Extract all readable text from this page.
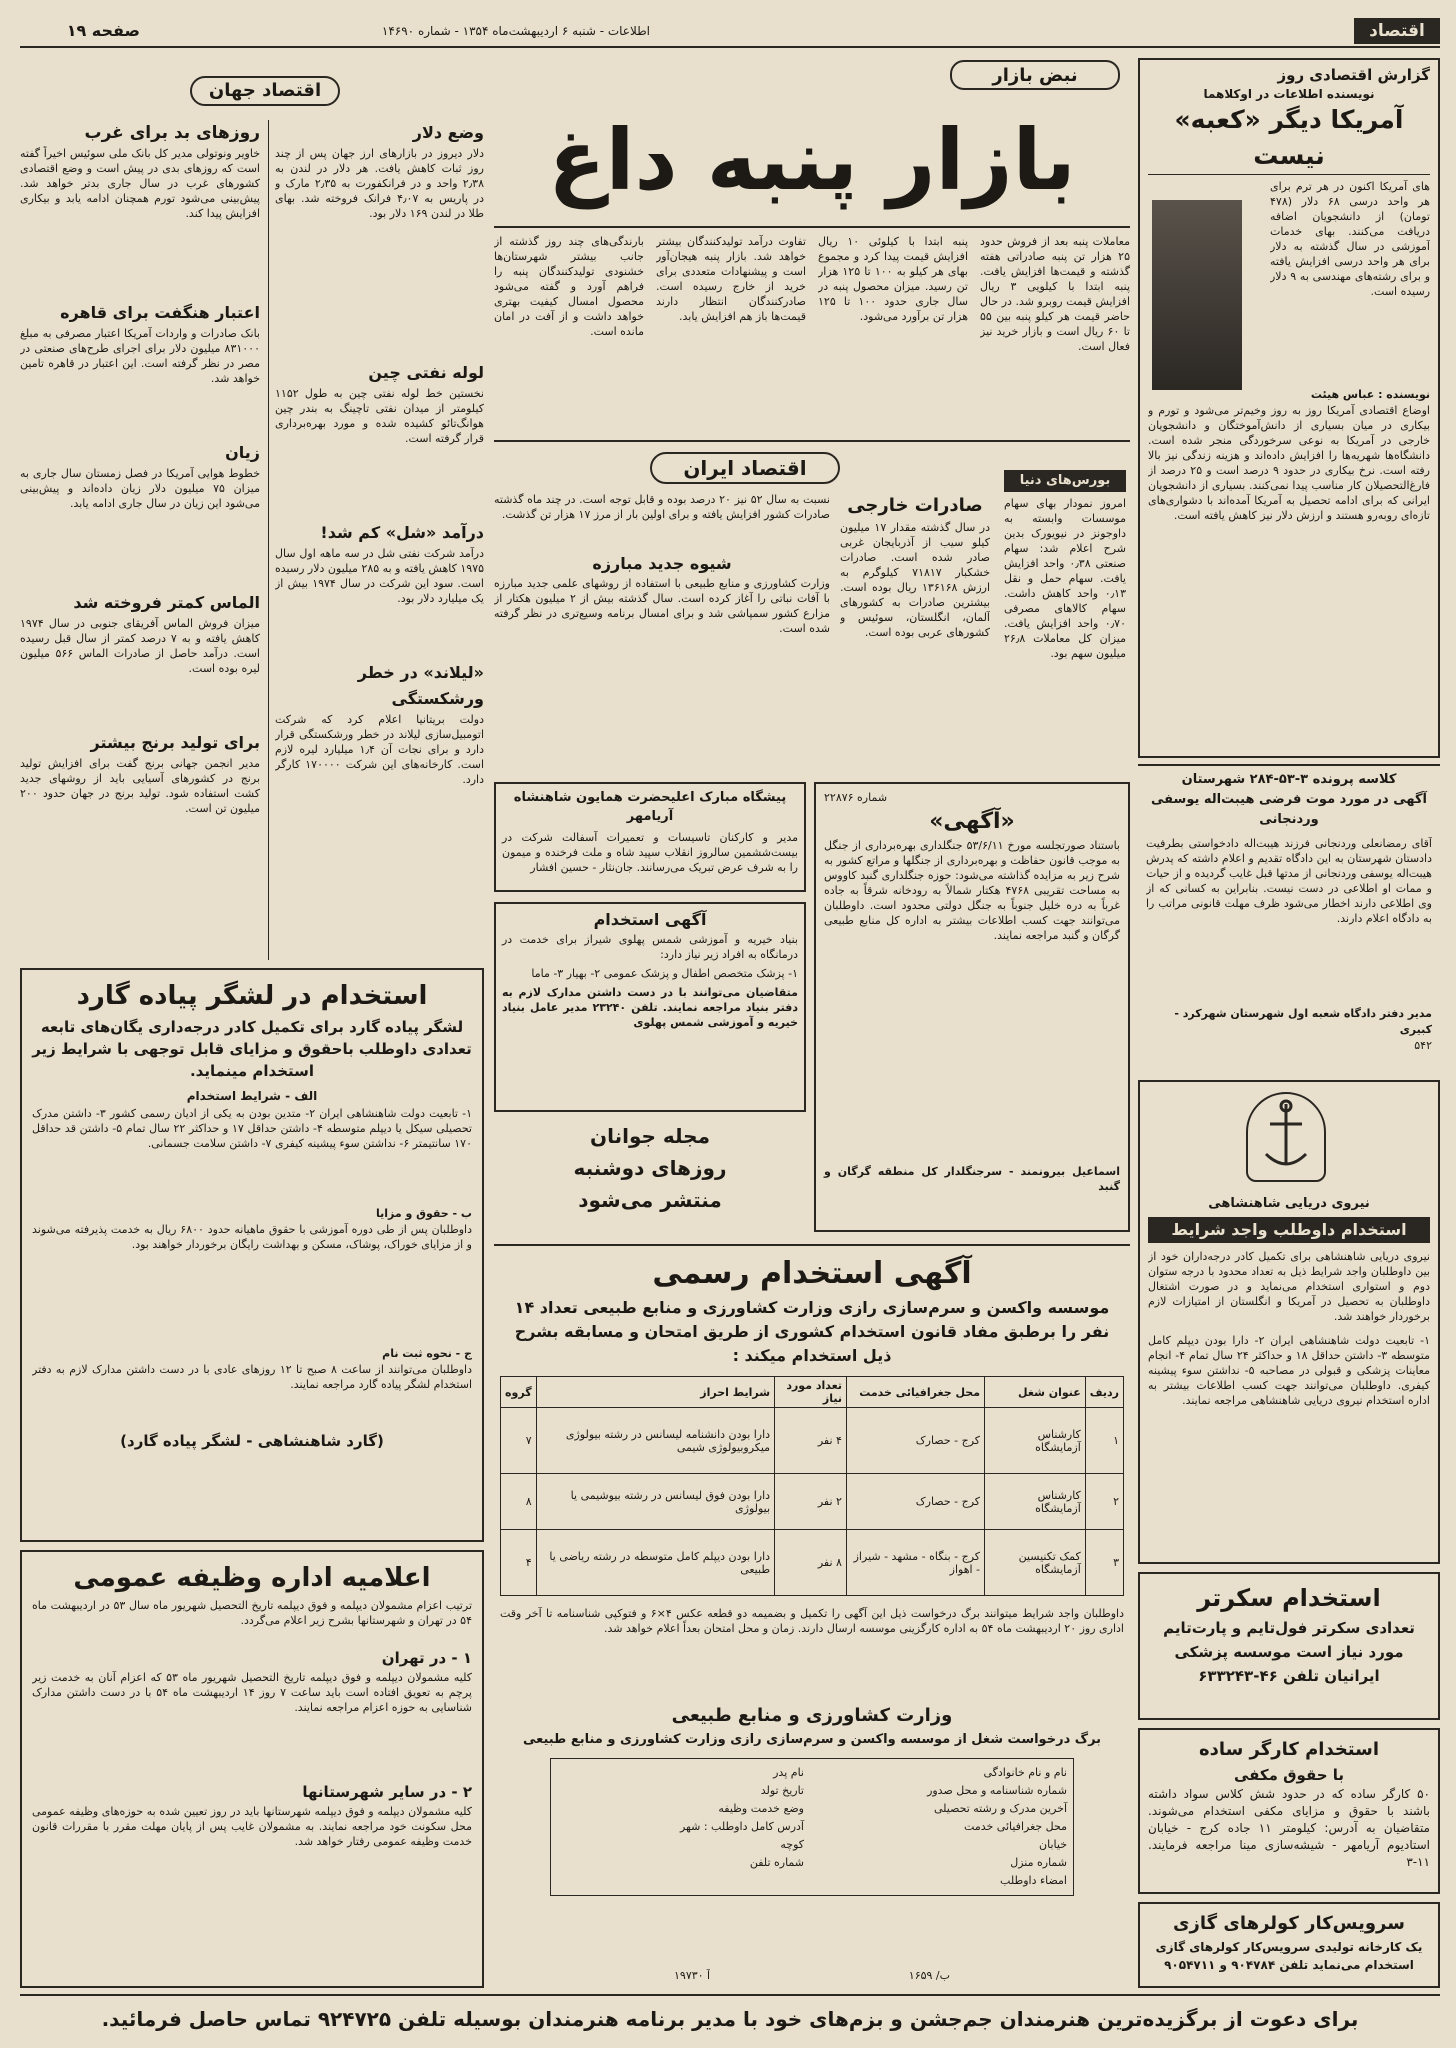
اقتصاد
صفحه ۱۹	اطلاعات - شنبه ۶ اردیبهشت‌ماه ۱۳۵۴ - شماره ۱۴۶۹۰
گزارش اقتصادی روز
نویسنده اطلاعات در اوکلاهما
آمریکا دیگر «کعبه» نیست
های آمریکا اکنون در هر ترم برای هر واحد درسی ۶۸ دلار (۴۷۸ تومان) از دانشجویان اضافه دریافت می‌کنند. بهای خدمات آموزشی در سال گذشته به دلار برای هر واحد درسی افزایش یافته و برای رشته‌های مهندسی به ۹ دلار رسیده است.
نویسنده : عباس هیئت
اوضاع اقتصادی آمریکا روز به روز وخیم‌تر می‌شود و تورم و بیکاری در میان بسیاری از دانش‌آموختگان و دانشجویان خارجی در آمریکا به نوعی سرخوردگی منجر شده است. دانشگاه‌ها شهریه‌ها را افزایش داده‌اند و هزینه زندگی نیز بالا رفته است. نرخ بیکاری در حدود ۹ درصد است و ۲۵ درصد از فارغ‌التحصیلان کار مناسب پیدا نمی‌کنند. بسیاری از دانشجویان ایرانی که برای ادامه تحصیل به آمریکا آمده‌اند با دشواری‌های تازه‌ای روبه‌رو هستند و ارزش دلار نیز کاهش یافته است.
کلاسه پرونده ۳-۵۳-۲۸۴ شهرستان
آگهی در مورد موت فرضی هیبت‌اله یوسفی وردنجانی
آقای رمضانعلی وردنجانی فرزند هیبت‌اله دادخواستی بطرفیت دادستان شهرستان به این دادگاه تقدیم و اعلام داشته که پدرش هیبت‌اله یوسفی وردنجانی از مدتها قبل غایب گردیده و از حیات و ممات او اطلاعی در دست نیست. بنابراین به کسانی که از وی اطلاعی دارند اخطار می‌شود ظرف مهلت قانونی مراتب را به دادگاه اعلام دارند.
مدیر دفتر دادگاه شعبه اول شهرستان شهرکرد - کبیری
۵۴۲
نیروی دریایی شاهنشاهی
استخدام داوطلب واجد شرایط
نیروی دریایی شاهنشاهی برای تکمیل کادر درجه‌داران خود از بین داوطلبان واجد شرایط ذیل به تعداد محدود با درجه ستوان دوم و استواری استخدام می‌نماید و در صورت اشتغال داوطلبان به تحصیل در آمریکا و انگلستان از امتیازات لازم برخوردار خواهند شد.
۱- تابعیت دولت شاهنشاهی ایران ۲- دارا بودن دیپلم کامل متوسطه ۳- داشتن حداقل ۱۸ و حداکثر ۲۴ سال تمام ۴- انجام معاینات پزشکی و قبولی در مصاحبه ۵- نداشتن سوء پیشینه کیفری. داوطلبان می‌توانند جهت کسب اطلاعات بیشتر به اداره استخدام نیروی دریایی شاهنشاهی مراجعه نمایند.
استخدام سکرتر
تعدادی سکرتر فول‌تایم و پارت‌تایم مورد نیاز است موسسه پزشکی ایرانیان تلفن ۴۶-۶۳۳۲۴۳
استخدام کارگر ساده
با حقوق مکفی
۵۰ کارگر ساده که در حدود شش کلاس سواد داشته باشند با حقوق و مزایای مکفی استخدام می‌شوند. متقاضیان به آدرس: کیلومتر ۱۱ جاده کرج - خیابان استادیوم آریامهر - شیشه‌سازی مینا مراجعه فرمایند. ۱۱-۳
سرویس‌کار کولرهای گازی
یک کارخانه تولیدی سرویس‌کار کولرهای گازی استخدام می‌نماید تلفن ۹۰۴۷۸۴ و ۹۰۵۴۷۱۱
نبض بازار
بازار پنبه داغ
معاملات پنبه بعد از فروش حدود ۲۵ هزار تن پنبه صادراتی هفته گذشته و قیمت‌ها افزایش یافت. پنبه ابتدا با کیلویی ۳ ریال افزایش قیمت روبرو شد. در حال حاضر قیمت هر کیلو پنبه بین ۵۵ تا ۶۰ ریال است و بازار خرید نیز فعال است.
پنبه ابتدا با کیلوئی ۱۰ ریال افزایش قیمت پیدا کرد و مجموع بهای هر کیلو به ۱۰۰ تا ۱۲۵ هزار تن رسید. میزان محصول پنبه در سال جاری حدود ۱۰۰ تا ۱۲۵ هزار تن برآورد می‌شود.
تفاوت درآمد تولیدکنندگان بیشتر خواهد شد. بازار پنبه هیجان‌آور است و پیشنهادات متعددی برای خرید از خارج رسیده است. صادرکنندگان انتظار دارند قیمت‌ها باز هم افزایش یابد.
بارندگی‌های چند روز گذشته از جانب بیشتر شهرستان‌ها خشنودی تولیدکنندگان پنبه را فراهم آورد و گفته می‌شود محصول امسال کیفیت بهتری خواهد داشت و از آفت در امان مانده است.
اقتصاد ایران
بورس‌های دنیا
امروز نمودار بهای سهام موسسات وابسته به داوجونز در نیویورک بدین شرح اعلام شد: سهام صنعتی ۰٫۳۸ واحد افزایش یافت. سهام حمل و نقل ۰٫۱۳ واحد کاهش داشت. سهام کالاهای مصرفی ۰٫۷۰ واحد افزایش یافت. میزان کل معاملات ۲۶٫۸ میلیون سهم بود.
صادرات خارجی
در سال گذشته مقدار ۱۷ میلیون کیلو سیب از آذربایجان غربی صادر شده است. صادرات خشکبار ۷۱۸۱۷ کیلوگرم به ارزش ۱۳۶۱۶۸ ریال بوده است. بیشترین صادرات به کشورهای آلمان، انگلستان، سوئیس و کشورهای عربی بوده است.
نسبت به سال ۵۲ نیز ۲۰ درصد بوده و قابل توجه است. در چند ماه گذشته صادرات کشور افزایش یافته و برای اولین بار از مرز ۱۷ هزار تن گذشت.
شیوه جدید مبارزه
وزارت کشاورزی و منابع طبیعی با استفاده از روشهای علمی جدید مبارزه با آفات نباتی را آغاز کرده است. سال گذشته بیش از ۲ میلیون هکتار از مزارع کشور سمپاشی شد و برای امسال برنامه وسیع‌تری در نظر گرفته شده است.
پیشگاه مبارک اعلیحضرت همایون شاهنشاه آریامهر
مدیر و کارکنان تاسیسات و تعمیرات آسفالت شرکت در بیست‌ششمین سالروز انقلاب سپید شاه و ملت فرخنده و میمون را به شرف عرض تبریک می‌رسانند. جان‌نثار - حسین افشار
آگهی استخدام
بنیاد خیریه و آموزشی شمس پهلوی شیراز برای خدمت در درمانگاه به افراد زیر نیاز دارد:
۱- پزشک متخصص اطفال و پزشک عمومی ۲- بهیار ۳- ماما
متقاضیان می‌توانند با در دست داشتن مدارک لازم به دفتر بنیاد مراجعه نمایند. تلفن ۲۳۲۴۰ مدیر عامل بنیاد خیریه و آموزشی شمس پهلوی
مجله جوانان
روزهای دوشنبه
منتشر می‌شود
شماره ۲۲۸۷۶
«آگهی»
باستناد صورتجلسه مورخ ۵۳/۶/۱۱ جنگلداری بهره‌برداری از جنگل به موجب قانون حفاظت و بهره‌برداری از جنگلها و مراتع کشور به شرح زیر به مزایده گذاشته می‌شود: حوزه جنگلداری گنبد کاووس به مساحت تقریبی ۴۷۶۸ هکتار شمالاً به رودخانه شرقاً به جاده غرباً به دره خلیل جنوباً به جنگل دولتی محدود است. داوطلبان می‌توانند جهت کسب اطلاعات بیشتر به اداره کل منابع طبیعی گرگان و گنبد مراجعه نمایند.
اسماعیل بیرونمند - سرجنگلدار کل منطقه گرگان و گنبد
آگهی استخدام رسمی
موسسه واکسن و سرم‌سازی رازی وزارت کشاورزی و منابع طبیعی تعداد ۱۴ نفر را برطبق مفاد قانون استخدام کشوری از طریق امتحان و مسابقه بشرح ذیل استخدام میکند :
ردیف	عنوان شغل	محل جغرافیائی خدمت	تعداد مورد نیاز	شرایط احراز	گروه
۱	کارشناس آزمایشگاه	کرج - حصارک	۴ نفر	دارا بودن دانشنامه لیسانس در رشته بیولوژی میکروبیولوژی شیمی	۷
۲	کارشناس آزمایشگاه	کرج - حصارک	۲ نفر	دارا بودن فوق لیسانس در رشته بیوشیمی یا بیولوژی	۸
۳	کمک تکنیسین آزمایشگاه	کرج - بنگاه - مشهد - شیراز - اهواز	۸ نفر	دارا بودن دیپلم کامل متوسطه در رشته ریاضی یا طبیعی	۴
داوطلبان واجد شرایط میتوانند برگ درخواست ذیل این آگهی را تکمیل و بضمیمه دو قطعه عکس ۴×۶ و فتوکپی شناسنامه تا آخر وقت اداری روز ۲۰ اردیبهشت ماه ۵۴ به اداره کارگزینی موسسه ارسال دارند. زمان و محل امتحان بعداً اعلام خواهد شد.
وزارت کشاورزی و منابع طبیعی
برگ درخواست شغل از موسسه واکسن و سرم‌سازی رازی وزارت کشاورزی و منابع طبیعی
نام و نام خانوادگی
نام پدر
شماره شناسنامه و محل صدور
تاریخ تولد
آخرین مدرک و رشته تحصیلی
وضع خدمت وظیفه
محل جغرافیائی خدمت
آدرس کامل داوطلب : شهر
خیابان
کوچه
شماره منزل
شماره تلفن
امضاء داوطلب
ب/ ۱۶۵۹
آ ۱۹۷۳۰
اقتصاد جهان
روزهای بد برای غرب
خاویر ونوتولی مدیر کل بانک ملی سوئیس اخیراً گفته است که روزهای بدی در پیش است و وضع اقتصادی کشورهای غرب در سال جاری بدتر خواهد شد. پیش‌بینی می‌شود تورم همچنان ادامه یابد و بیکاری افزایش پیدا کند.
اعتبار هنگفت برای قاهره
بانک صادرات و واردات آمریکا اعتبار مصرفی به مبلغ ۸۳۱۰۰۰ میلیون دلار برای اجرای طرح‌های صنعتی در مصر در نظر گرفته است. این اعتبار در قاهره تامین خواهد شد.
زیان
خطوط هوایی آمریکا در فصل زمستان سال جاری به میزان ۷۵ میلیون دلار زیان داده‌اند و پیش‌بینی می‌شود این زیان در سال جاری ادامه یابد.
الماس کمتر فروخته شد
میزان فروش الماس آفریقای جنوبی در سال ۱۹۷۴ کاهش یافته و به ۷ درصد کمتر از سال قبل رسیده است. درآمد حاصل از صادرات الماس ۵۶۶ میلیون لیره بوده است.
برای تولید برنج بیشتر
مدیر انجمن جهانی برنج گفت برای افزایش تولید برنج در کشورهای آسیایی باید از روشهای جدید کشت استفاده شود. تولید برنج در جهان حدود ۲۰۰ میلیون تن است.
وضع دلار
دلار دیروز در بازارهای ارز جهان پس از چند روز ثبات کاهش یافت. هر دلار در لندن به ۲٫۳۸ واحد و در فرانکفورت به ۲٫۳۵ مارک و در پاریس به ۴٫۰۷ فرانک فروخته شد. بهای طلا در لندن ۱۶۹ دلار بود.
لوله نفتی چین
نخستین خط لوله نفتی چین به طول ۱۱۵۲ کیلومتر از میدان نفتی تاچینگ به بندر چین هوانگ‌تائو کشیده شده و مورد بهره‌برداری قرار گرفته است.
درآمد «شل» کم شد!
درآمد شرکت نفتی شل در سه ماهه اول سال ۱۹۷۵ کاهش یافته و به ۲۸۵ میلیون دلار رسیده است. سود این شرکت در سال ۱۹۷۴ بیش از یک میلیارد دلار بود.
«لیلاند» در خطر ورشکستگی
دولت بریتانیا اعلام کرد که شرکت اتومبیل‌سازی لیلاند در خطر ورشکستگی قرار دارد و برای نجات آن ۱٫۴ میلیارد لیره لازم است. کارخانه‌های این شرکت ۱۷۰۰۰۰ کارگر دارد.
استخدام در لشگر پیاده گارد
لشگر پیاده گارد برای تکمیل کادر درجه‌داری یگان‌های تابعه تعدادی داوطلب باحقوق و مزایای قابل توجهی با شرایط زیر استخدام مینماید.
الف - شرایط استخدام
۱- تابعیت دولت شاهنشاهی ایران ۲- متدین بودن به یکی از ادیان رسمی کشور ۳- داشتن مدرک تحصیلی سیکل یا دیپلم متوسطه ۴- داشتن حداقل ۱۷ و حداکثر ۲۲ سال تمام ۵- داشتن قد حداقل ۱۷۰ سانتیمتر ۶- نداشتن سوء پیشینه کیفری ۷- داشتن سلامت جسمانی.
ب - حقوق و مزایا
داوطلبان پس از طی دوره آموزشی با حقوق ماهیانه حدود ۶۸۰۰ ریال به خدمت پذیرفته می‌شوند و از مزایای خوراک، پوشاک، مسکن و بهداشت رایگان برخوردار خواهند بود.
ج - نحوه ثبت نام
داوطلبان می‌توانند از ساعت ۸ صبح تا ۱۲ روزهای عادی با در دست داشتن مدارک لازم به دفتر استخدام لشگر پیاده گارد مراجعه نمایند.
(گارد شاهنشاهی - لشگر پیاده گارد)
اعلامیه اداره وظیفه عمومی
ترتیب اعزام مشمولان دیپلمه و فوق دیپلمه تاریخ التحصیل شهریور ماه سال ۵۳ در اردیبهشت ماه ۵۴ در تهران و شهرستانها بشرح زیر اعلام می‌گردد.
۱ - در تهران
کلیه مشمولان دیپلمه و فوق دیپلمه تاریخ التحصیل شهریور ماه ۵۳ که اعزام آنان به خدمت زیر پرچم به تعویق افتاده است باید ساعت ۷ روز ۱۴ اردیبهشت ماه ۵۴ با در دست داشتن مدارک شناسایی به حوزه اعزام مراجعه نمایند.
۲ - در سایر شهرستانها
کلیه مشمولان دیپلمه و فوق دیپلمه شهرستانها باید در روز تعیین شده به حوزه‌های وظیفه عمومی محل سکونت خود مراجعه نمایند. به مشمولان غایب پس از پایان مهلت مقرر با مقررات قانون خدمت وظیفه عمومی رفتار خواهد شد.
برای دعوت از برگزیده‌ترین هنرمندان جم‌جشن و بزم‌های خود با مدیر برنامه هنرمندان بوسیله تلفن ۹۲۴۷۲۵ تماس حاصل فرمائید.
